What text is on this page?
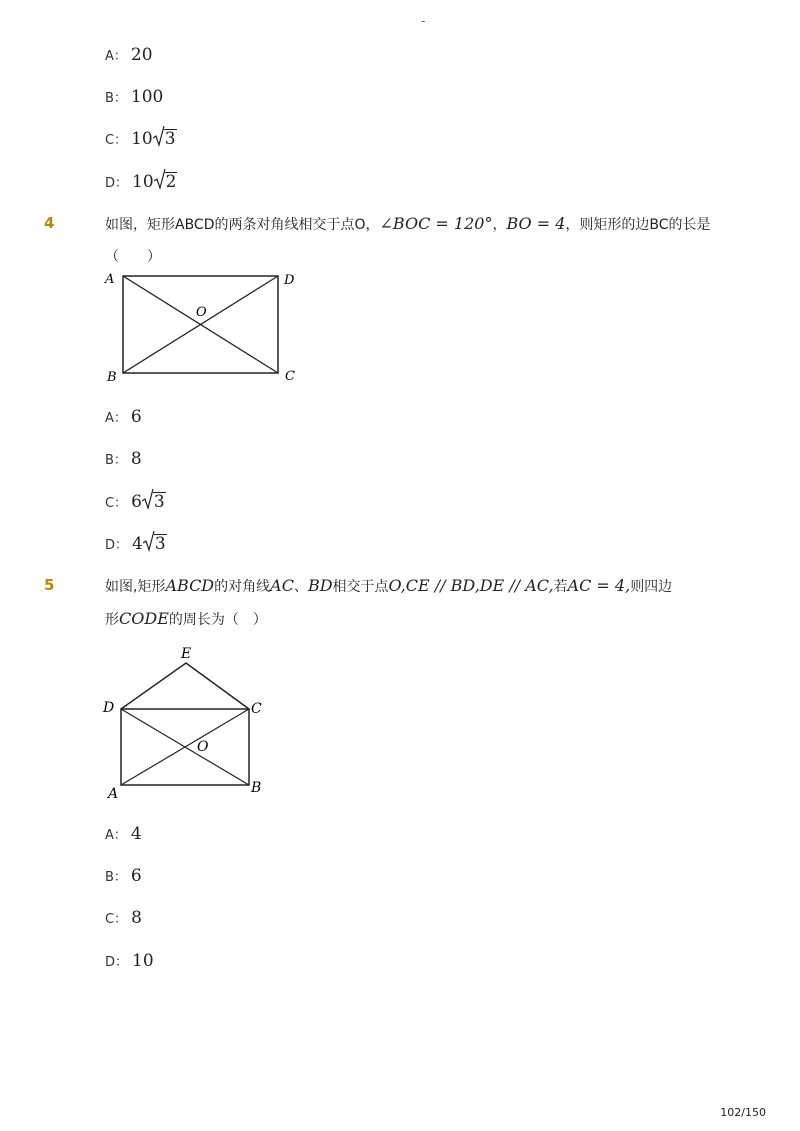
-
A： 20
B： 100
C： 10 3
D： 10 2
4	如图，矩形ABCD的两条对角线相交于点O，∠BOC = 120°，BO = 4，则矩形的边BC的长是
（　　）
A	D
O
B	C
A： 6
B： 8
C： 6 3
D： 4 3
5	如图,矩形ABCD的对角线AC、BD相交于点O,CE // BD,DE // AC,若AC = 4,则四边
形CODE的周长为（　）
E
D	C
O
A	B
A： 4
B： 6
C： 8
D： 10
102/150
